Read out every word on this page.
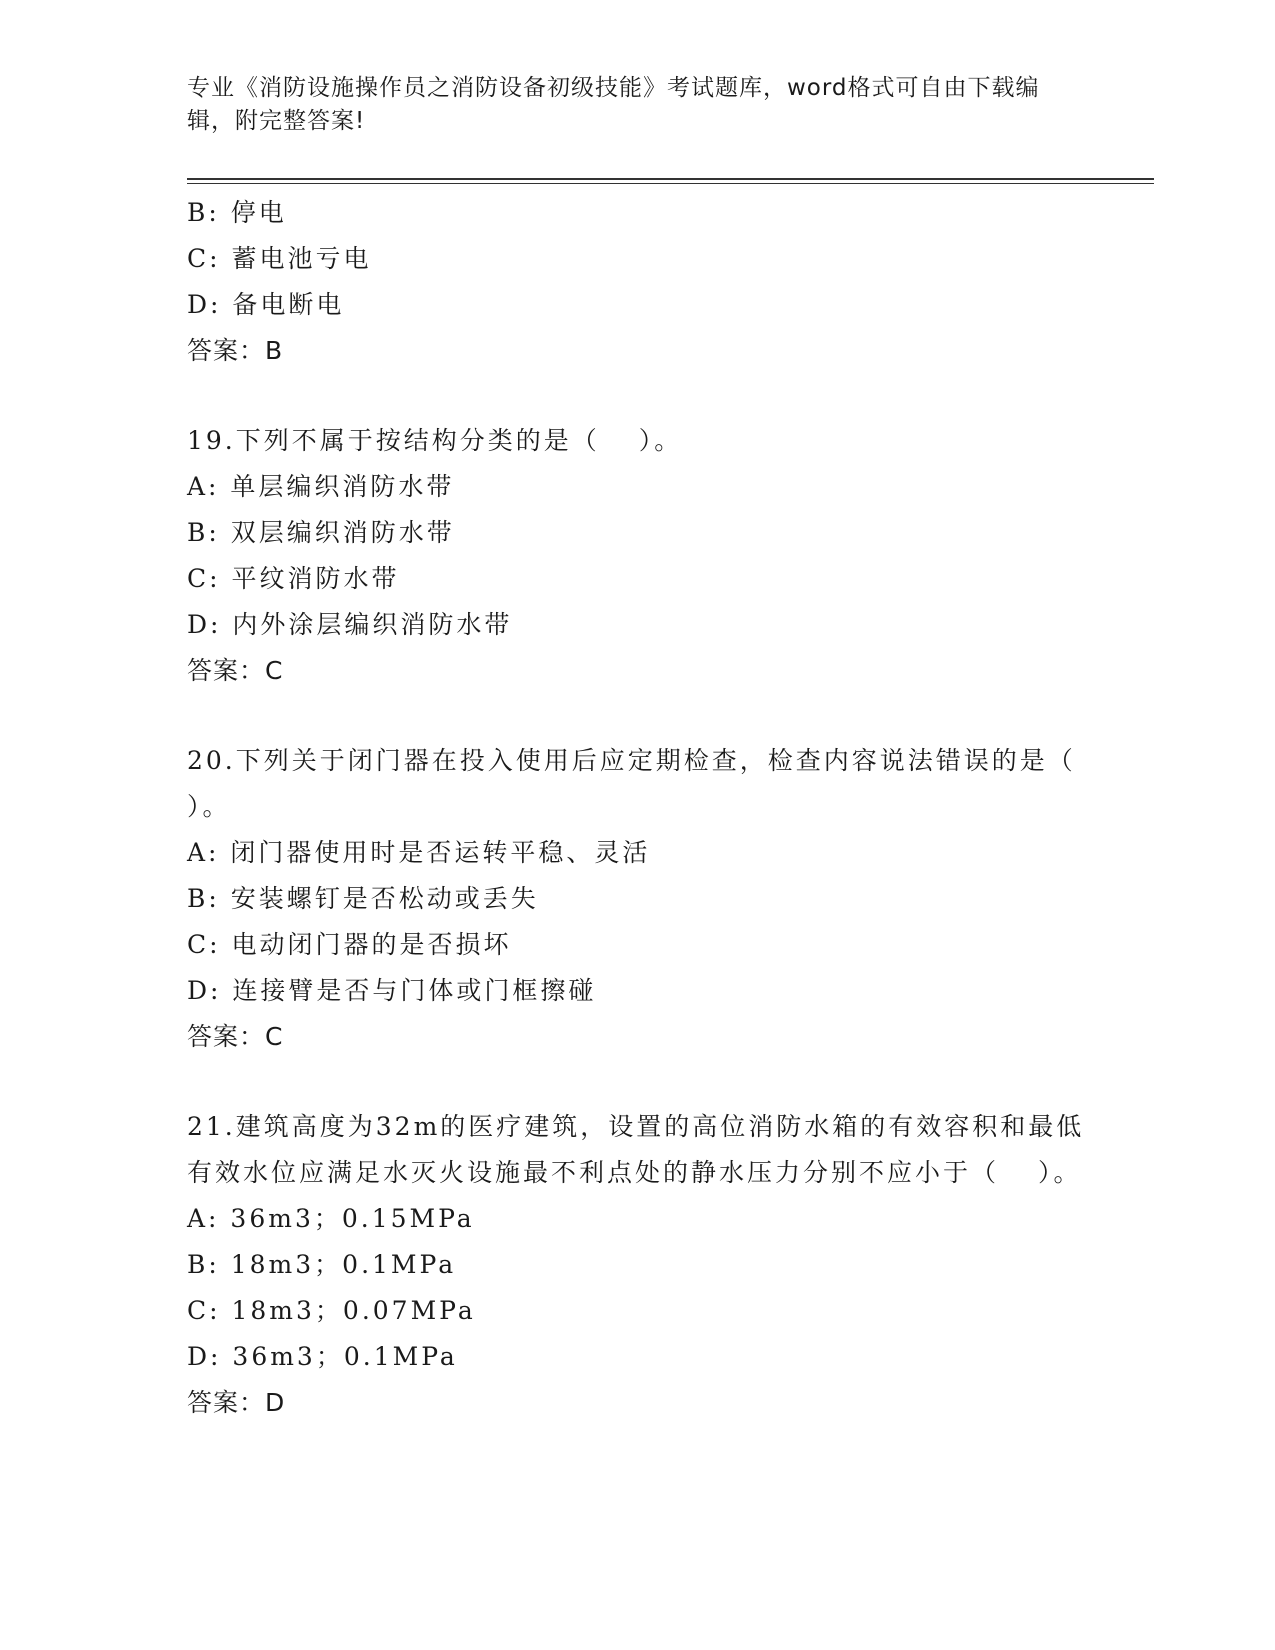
专业《消防设施操作员之消防设备初级技能》考试题库，word格式可自由下载编
辑，附完整答案!
B: 停电
C: 蓄电池亏电
D: 备电断电
答案：B
19.下列不属于按结构分类的是（　 ）。
A: 单层编织消防水带
B: 双层编织消防水带
C: 平纹消防水带
D: 内外涂层编织消防水带
答案：C
20.下列关于闭门器在投入使用后应定期检查，检查内容说法错误的是（　 ）。
A: 闭门器使用时是否运转平稳、灵活
B: 安装螺钉是否松动或丢失
C: 电动闭门器的是否损坏
D: 连接臂是否与门体或门框擦碰
答案：C
21.建筑高度为32m的医疗建筑，设置的高位消防水箱的有效容积和最低有效水位应满足水灭火设施最不利点处的静水压力分别不应小于（　 ）。
A: 36m3；0.15MPa
B: 18m3；0.1MPa
C: 18m3；0.07MPa
D: 36m3；0.1MPa
答案：D
